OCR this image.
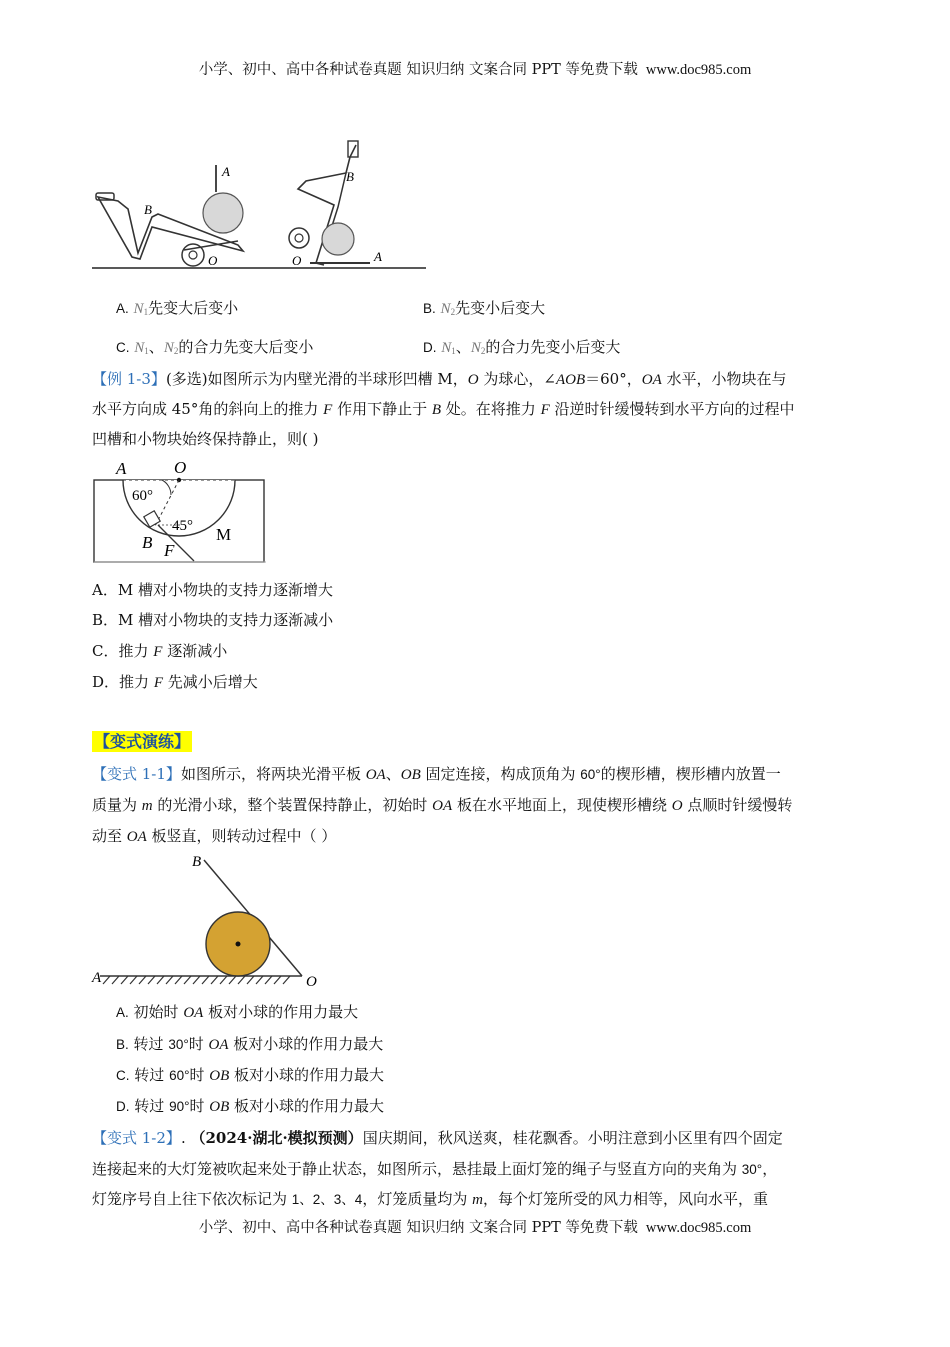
小学、初中、高中各种试卷真题 知识归纳 文案合同 PPT 等免费下载 www.doc985.com
A
B
O
B
O	A
A. $N_1$先变大后变小	B. $N_2$先变小后变大
C. $N_1$、$N_2$的合力先变大后变小	D. $N_1$、$N_2$的合力先变小后变大
【例 1-3】(多选)如图所示为内壁光滑的半球形凹槽 M，O 为球心，∠AOB＝60°，OA 水平，小物块在与
水平方向成 45°角的斜向上的推力 F 作用下静止于 B 处。在将推力 F 沿逆时针缓慢转到水平方向的过程中
凹槽和小物块始终保持静止，则( )
A	O
60°
45° M
B F
A．M 槽对小物块的支持力逐渐增大
B．M 槽对小物块的支持力逐渐减小
C．推力 F 逐渐减小
D．推力 F 先减小后增大
【变式演练】
【变式 1-1】如图所示，将两块光滑平板 OA、OB 固定连接，构成顶角为 60°的楔形槽，楔形槽内放置一
质量为 m 的光滑小球，整个装置保持静止，初始时 OA 板在水平地面上，现使楔形槽绕 O 点顺时针缓慢转
动至 OA 板竖直，则转动过程中（ ）
B
A	O
A. 初始时 OA 板对小球的作用力最大
B. 转过 30°时 OA 板对小球的作用力最大
C. 转过 60°时 OB 板对小球的作用力最大
D. 转过 90°时 OB 板对小球的作用力最大
【变式 1-2】. （2024·湖北·模拟预测）国庆期间，秋风送爽，桂花飘香。小明注意到小区里有四个固定
连接起来的大灯笼被吹起来处于静止状态，如图所示，悬挂最上面灯笼的绳子与竖直方向的夹角为 30°，
灯笼序号自上往下依次标记为 1、2、3、4，灯笼质量均为 m，每个灯笼所受的风力相等，风向水平，重
小学、初中、高中各种试卷真题 知识归纳 文案合同 PPT 等免费下载 www.doc985.com
